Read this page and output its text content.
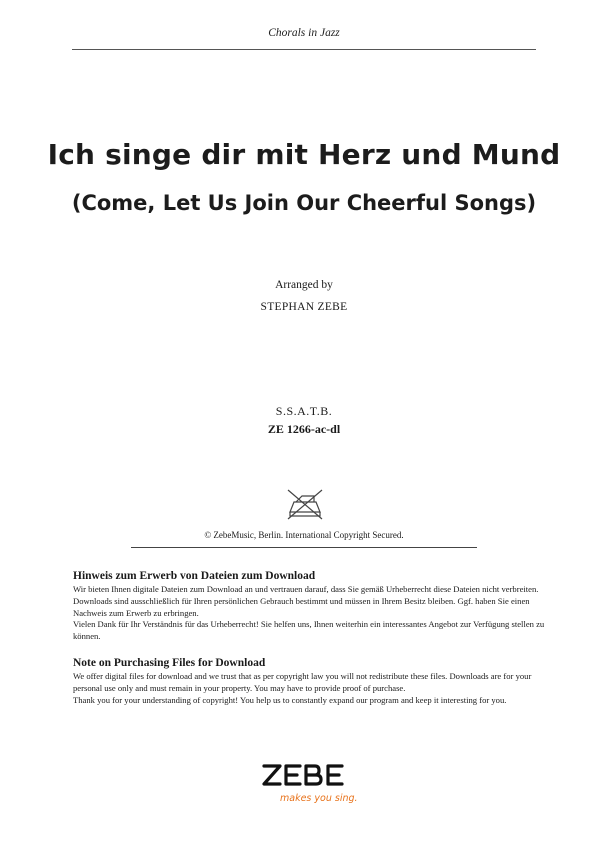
Chorals in Jazz
Ich singe dir mit Herz und Mund
(Come, Let Us Join Our Cheerful Songs)
Arranged by
STEPHAN ZEBE
S.S.A.T.B.
ZE 1266-ac-dl
© ZebeMusic, Berlin. International Copyright Secured.
Hinweis zum Erwerb von Dateien zum Download

Wir bieten Ihnen digitale Dateien zum Download an und vertrauen darauf, dass Sie gemäß Urheberrecht diese Dateien nicht verbreiten. Downloads sind ausschließlich für Ihren persönlichen Gebrauch bestimmt und müssen in Ihrem Besitz bleiben. Ggf. haben Sie einen Nachweis zum Erwerb zu erbringen.

Vielen Dank für Ihr Verständnis für das Urheberrecht! Sie helfen uns, Ihnen weiterhin ein interessantes Angebot zur Verfügung stellen zu können.

Note on Purchasing Files for Download

We offer digital files for download and we trust that as per copyright law you will not redistribute these files. Downloads are for your personal use only and must remain in your property. You may have to provide proof of purchase.

Thank you for your understanding of copyright! You help us to constantly expand our program and keep it interesting for you.

makes you sing.
